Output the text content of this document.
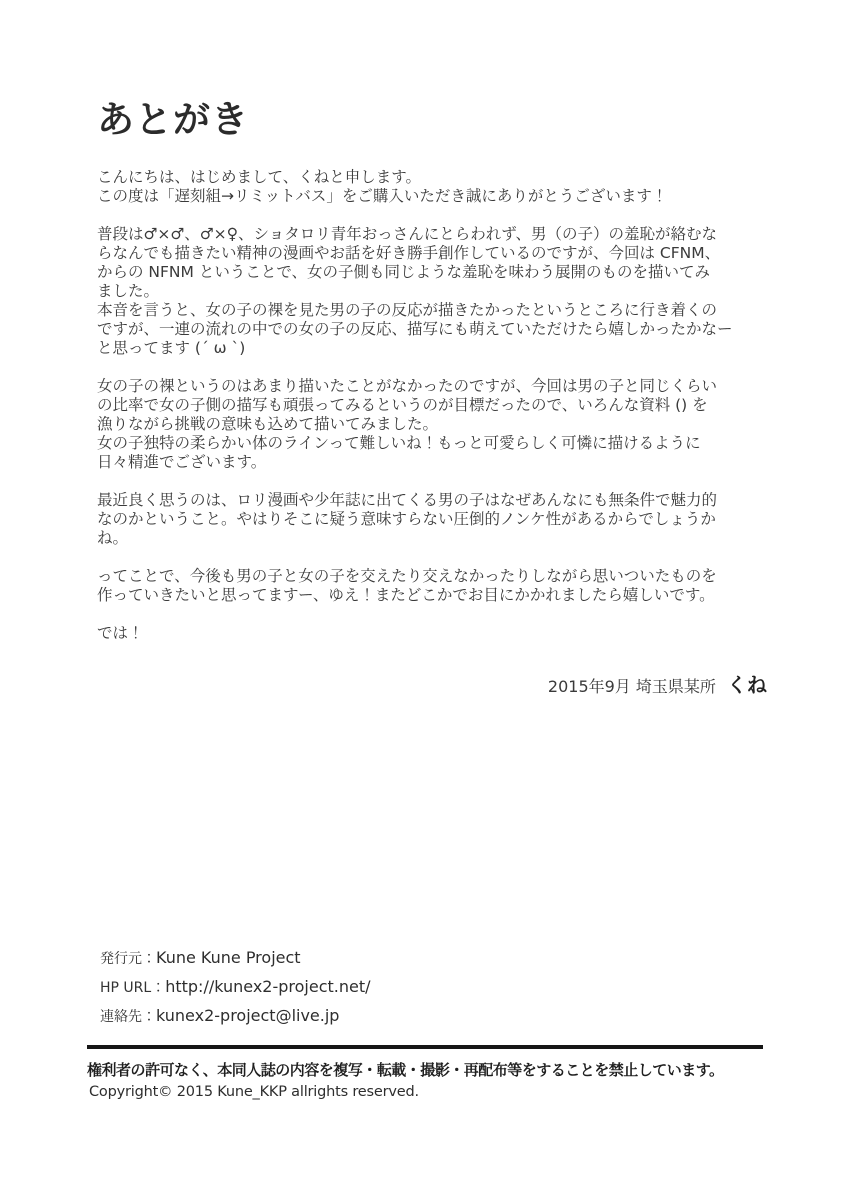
あとがき
こんにちは、はじめまして、くねと申します。
この度は「遅刻組→リミットバス」をご購入いただき誠にありがとうございます！
普段は♂×♂、♂×♀、ショタロリ青年おっさんにとらわれず、男（の子）の羞恥が絡むな
らなんでも描きたい精神の漫画やお話を好き勝手創作しているのですが、今回は CFNM、
からの NFNM ということで、女の子側も同じような羞恥を味わう展開のものを描いてみ
ました。
本音を言うと、女の子の裸を見た男の子の反応が描きたかったというところに行き着くの
ですが、一連の流れの中での女の子の反応、描写にも萌えていただけたら嬉しかったかなー
と思ってます (´ ω `)
女の子の裸というのはあまり描いたことがなかったのですが、今回は男の子と同じくらい
の比率で女の子側の描写も頑張ってみるというのが目標だったので、いろんな資料 () を
漁りながら挑戦の意味も込めて描いてみました。
女の子独特の柔らかい体のラインって難しいね！もっと可愛らしく可憐に描けるように
日々精進でございます。
最近良く思うのは、ロリ漫画や少年誌に出てくる男の子はなぜあんなにも無条件で魅力的
なのかということ。やはりそこに疑う意味すらない圧倒的ノンケ性があるからでしょうか
ね。
ってことで、今後も男の子と女の子を交えたり交えなかったりしながら思いついたものを
作っていきたいと思ってますー、ゆえ！またどこかでお目にかかれましたら嬉しいです。
では！
2015年9月 埼玉県某所 くね
発行元：Kune Kune Project
HP URL：http://kunex2-project.net/
連絡先：kunex2-project@live.jp
権利者の許可なく、本同人誌の内容を複写・転載・撮影・再配布等をすることを禁止しています。
Copyright© 2015 Kune_KKP allrights reserved.
